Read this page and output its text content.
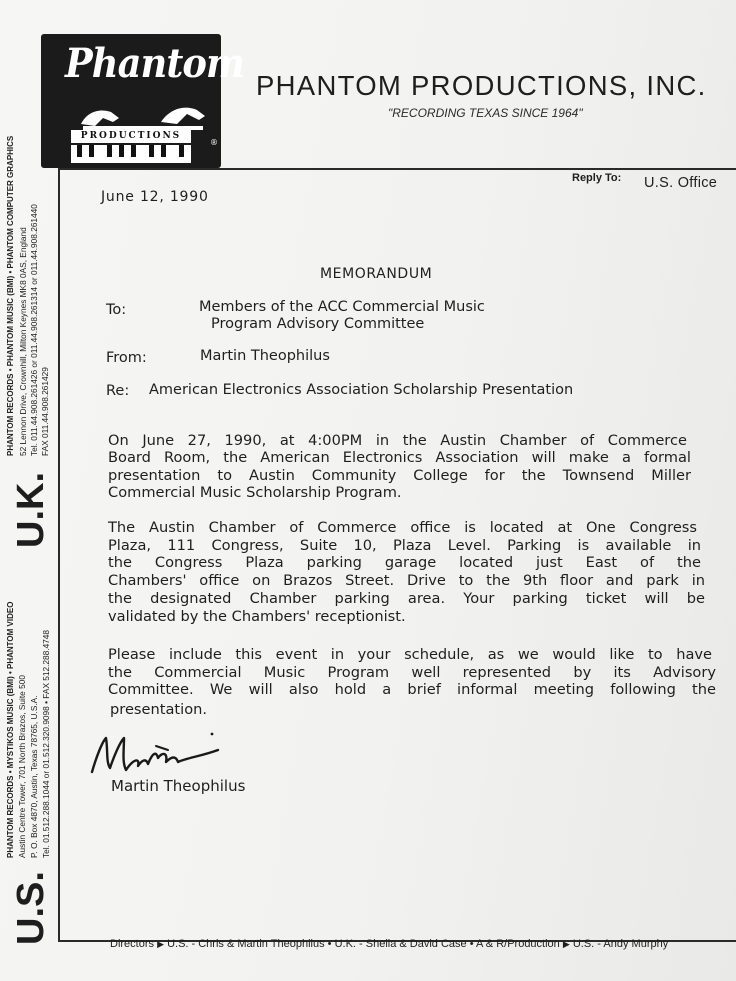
Phantom
PRODUCTIONS
®
PHANTOM PRODUCTIONS, INC.
"RECORDING TEXAS SINCE 1964"
PHANTOM RECORDS • PHANTOM MUSIC (BMI) • PHANTOM COMPUTER GRAPHICS 52 Lennon Drive, Crownhill, Milton Keynes MK8 0AS, England Tel. 011.44.908.261426 or 011.44.908.261314 or 011.44.908.261440 FAX 011.44.908.261429
U.K.
PHANTOM RECORDS • MYSTIKOS MUSIC (BMI) • PHANTOM VIDEO Austin Centre Tower, 701 North Brazos, Suite 500 P. O. Box 4870, Austin, Texas 78765, U.S.A. Tel. 01.512.288.1044 or 01.512.320.9098 • FAX 512.288.4748
U.S.
Reply To: U.S. Office
June 12, 1990
MEMORANDUM
To:	Members of the ACC Commercial Music
Program Advisory Committee
From:	Martin Theophilus
Re: American Electronics Association Scholarship Presentation
On June 27, 1990, at 4:00PM in the Austin Chamber of Commerce
Board Room, the American Electronics Association will make a formal
presentation to Austin Community College for the Townsend Miller
Commercial Music Scholarship Program.
The Austin Chamber of Commerce office is located at One Congress
Plaza, 111 Congress, Suite 10, Plaza Level. Parking is available in
the Congress Plaza parking garage located just East of the
Chambers' office on Brazos Street. Drive to the 9th floor and park in
the designated Chamber parking area. Your parking ticket will be
validated by the Chambers' receptionist.
Please include this event in your schedule, as we would like to have
the Commercial Music Program well represented by its Advisory
Committee. We will also hold a brief informal meeting following the
presentation.
Martin Theophilus
Directors ▶ U.S. - Chris & Martin Theophilus • U.K. - Sheila & David Case • A & R/Production ▶ U.S. - Andy Murphy
